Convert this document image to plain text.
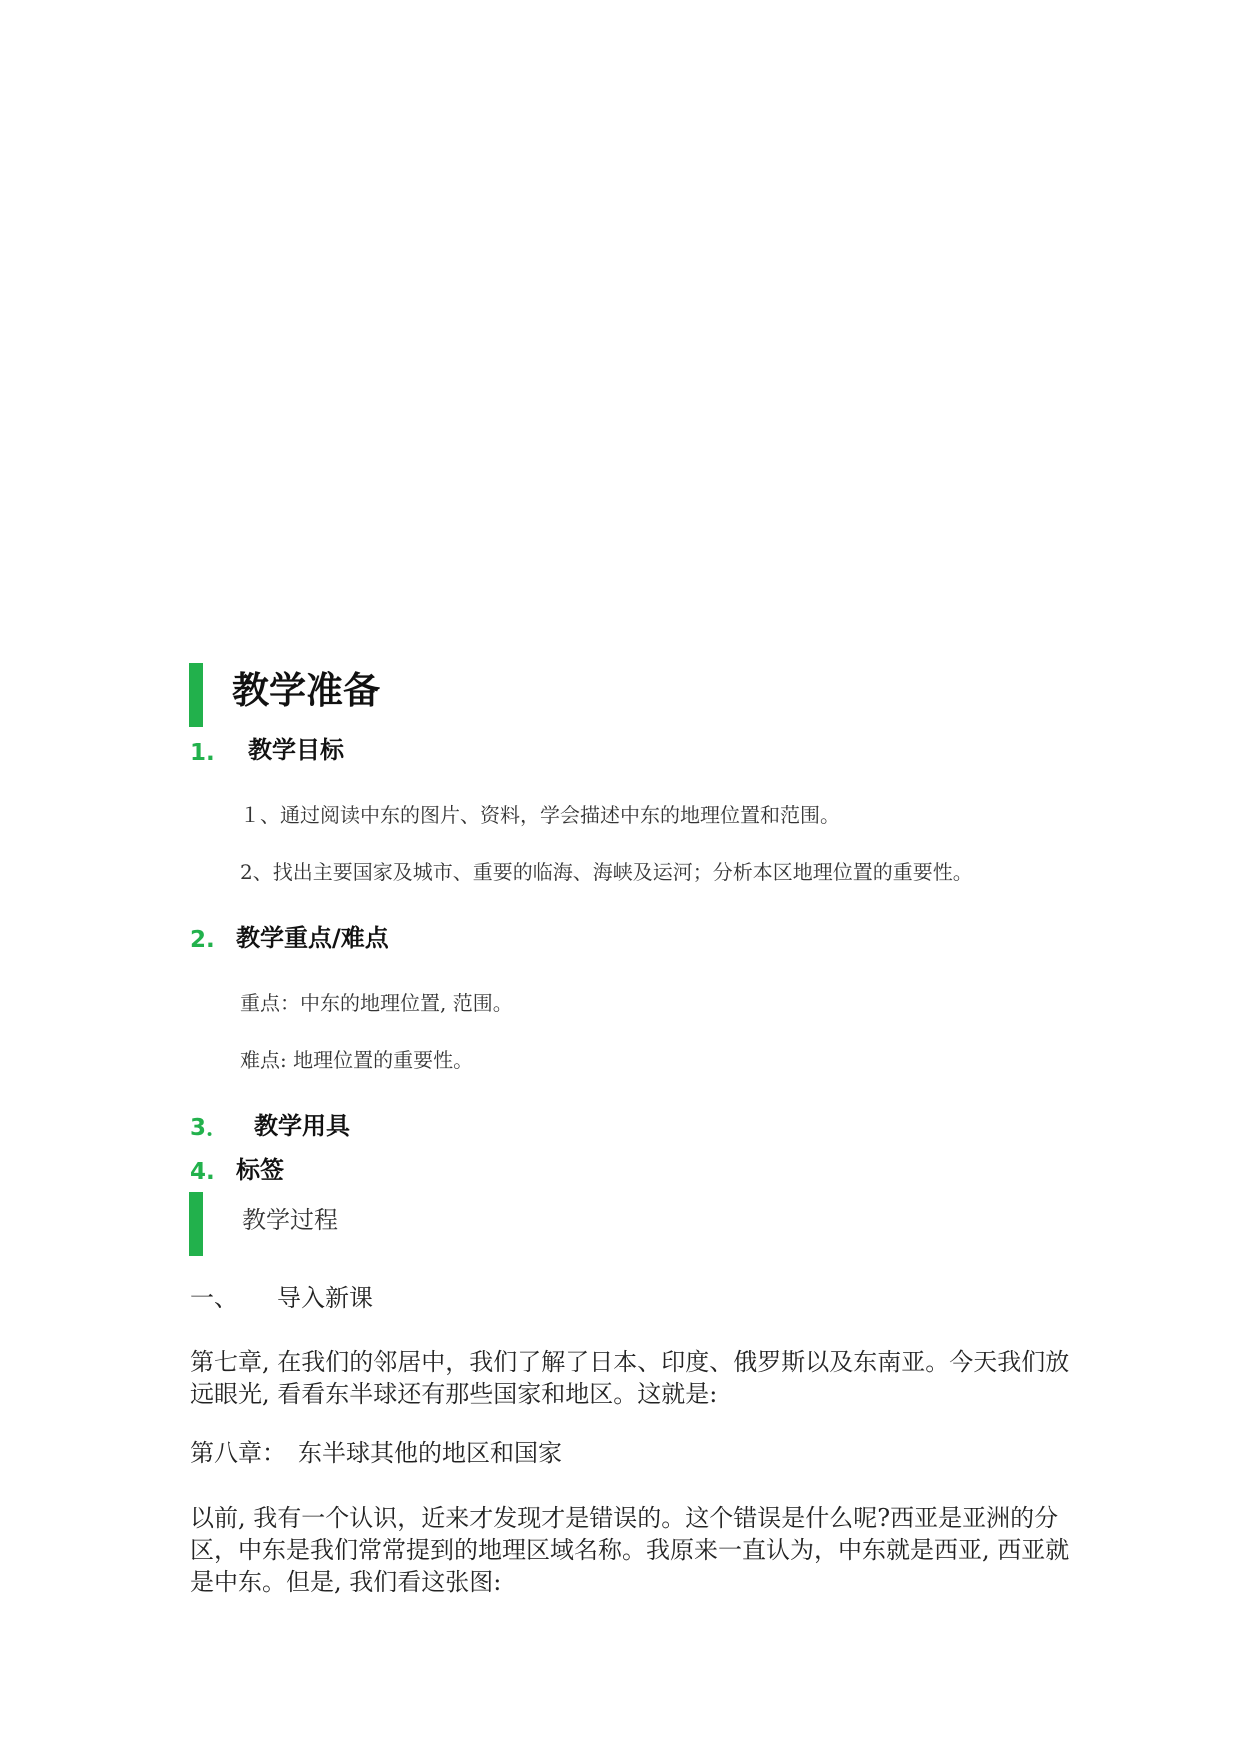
教学准备
1. 教学目标
１、通过阅读中东的图片、资料，学会描述中东的地理位置和范围。
2、找出主要国家及城市、重要的临海、海峡及运河；分析本区地理位置的重要性。
2. 教学重点/难点
重点：中东的地理位置, 范围。
难点: 地理位置的重要性。
3． 教学用具
4. 标签
教学过程
一、 导入新课
第七章, 在我们的邻居中，我们了解了日本、印度、俄罗斯以及东南亚。今天我们放远眼光, 看看东半球还有那些国家和地区。这就是:
第八章：　东半球其他的地区和国家
以前, 我有一个认识，近来才发现才是错误的。这个错误是什么呢?西亚是亚洲的分区，中东是我们常常提到的地理区域名称。我原来一直认为，中东就是西亚, 西亚就是中东。但是, 我们看这张图:
